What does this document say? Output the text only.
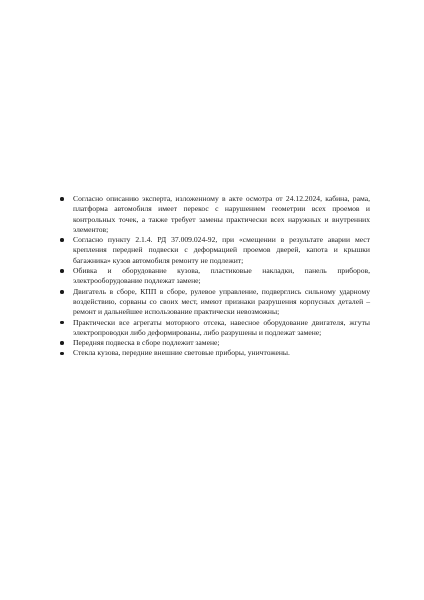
Согласно описанию эксперта, изложенному в акте осмотра от 24.12.2024, кабина, рама, платформа автомобиля имеет перекос с нарушением геометрии всех проемов и контрольных точек, а также требует замены практически всех наружных и внутренних элементов;
Согласно пункту 2.1.4. РД 37.009.024-92, при «смещении в результате аварии мест крепления передней подвески с деформацией проемов дверей, капота и крышки багажника» кузов автомобиля ремонту не подлежит;
Обивка и оборудование кузова, пластиковые накладки, панель приборов, электрооборудование подлежат замене;
Двигатель в сборе, КПП в сборе, рулевое управление, подверглись сильному ударному воздействию, сорваны со своих мест, имеют признаки разрушения корпусных деталей – ремонт и дальнейшее использование практически невозможны;
Практически все агрегаты моторного отсека, навесное оборудование двигателя, жгуты электропроводки либо деформированы, либо разрушены и подлежат замене;
Передняя подвеска в сборе подлежит замене;
Стекла кузова, передние внешние световые приборы, уничтожены.
